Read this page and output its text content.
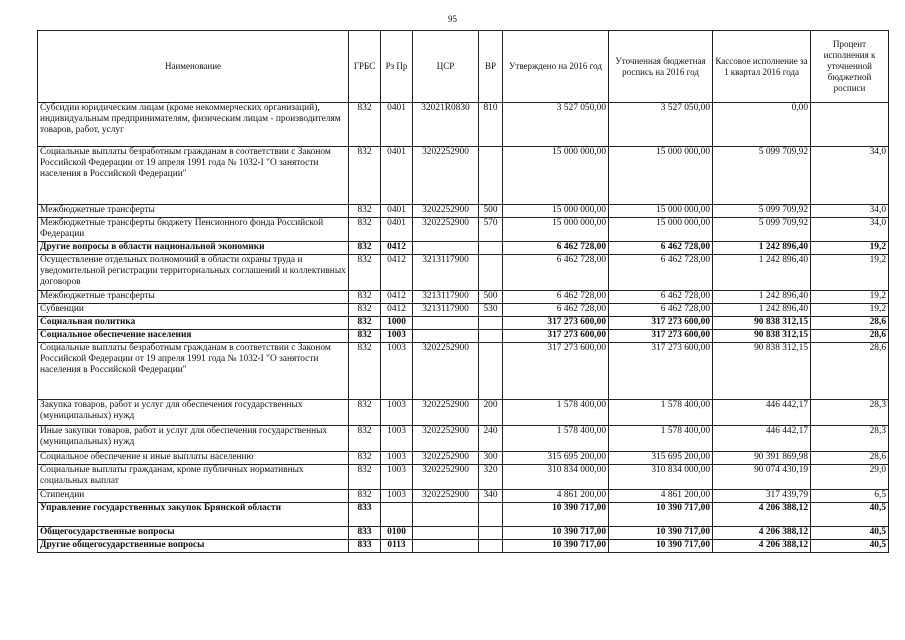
95
Наименование	ГРБС	Рз Пр	ЦСР	ВР	Утверждено на 2016 год	Уточненная бюджетная роспись на 2016 год	Кассовое исполнение за 1 квартал 2016 года	Процент исполнения к уточненной бюджетной росписи
Субсидии юридическим лицам (кроме некоммерческих организаций), индивидуальным предпринимателям, физическим лицам - производителям товаров, работ, услуг	832	0401	32021R0830	810	3 527 050,00	3 527 050,00	0,00	
Социальные выплаты безработным гражданам в соответствии с Законом Российской Федерации от 19 апреля 1991 года № 1032-I "О занятости населения в Российской Федерации"	832	0401	3202252900		15 000 000,00	15 000 000,00	5 099 709,92	34,0
Межбюджетные трансферты	832	0401	3202252900	500	15 000 000,00	15 000 000,00	5 099 709,92	34,0
Межбюджетные трансферты бюджету Пенсионного фонда Российской Федерации	832	0401	3202252900	570	15 000 000,00	15 000 000,00	5 099 709,92	34,0
Другие вопросы в области национальной экономики	832	0412			6 462 728,00	6 462 728,00	1 242 896,40	19,2
Осуществление отдельных полномочий в области охраны труда и уведомительной регистрации территориальных соглашений и коллективных договоров	832	0412	3213117900		6 462 728,00	6 462 728,00	1 242 896,40	19,2
Межбюджетные трансферты	832	0412	3213117900	500	6 462 728,00	6 462 728,00	1 242 896,40	19,2
Субвенции	832	0412	3213117900	530	6 462 728,00	6 462 728,00	1 242 896,40	19,2
Социальная политика	832	1000			317 273 600,00	317 273 600,00	90 838 312,15	28,6
Социальное обеспечение населения	832	1003			317 273 600,00	317 273 600,00	90 838 312,15	28,6
Социальные выплаты безработным гражданам в соответствии с Законом Российской Федерации от 19 апреля 1991 года № 1032-I "О занятости населения в Российской Федерации"	832	1003	3202252900		317 273 600,00	317 273 600,00	90 838 312,15	28,6
Закупка товаров, работ и услуг для обеспечения государственных (муниципальных) нужд	832	1003	3202252900	200	1 578 400,00	1 578 400,00	446 442,17	28,3
Иные закупки товаров, работ и услуг для обеспечения государственных (муниципальных) нужд	832	1003	3202252900	240	1 578 400,00	1 578 400,00	446 442,17	28,3
Социальное обеспечение и иные выплаты населению	832	1003	3202252900	300	315 695 200,00	315 695 200,00	90 391 869,98	28,6
Социальные выплаты гражданам, кроме публичных нормативных социальных выплат	832	1003	3202252900	320	310 834 000,00	310 834 000,00	90 074 430,19	29,0
Стипендии	832	1003	3202252900	340	4 861 200,00	4 861 200,00	317 439,79	6,5
Управление государственных закупок Брянской области	833				10 390 717,00	10 390 717,00	4 206 388,12	40,5
Общегосударственные вопросы	833	0100			10 390 717,00	10 390 717,00	4 206 388,12	40,5
Другие общегосударственные вопросы	833	0113			10 390 717,00	10 390 717,00	4 206 388,12	40,5
